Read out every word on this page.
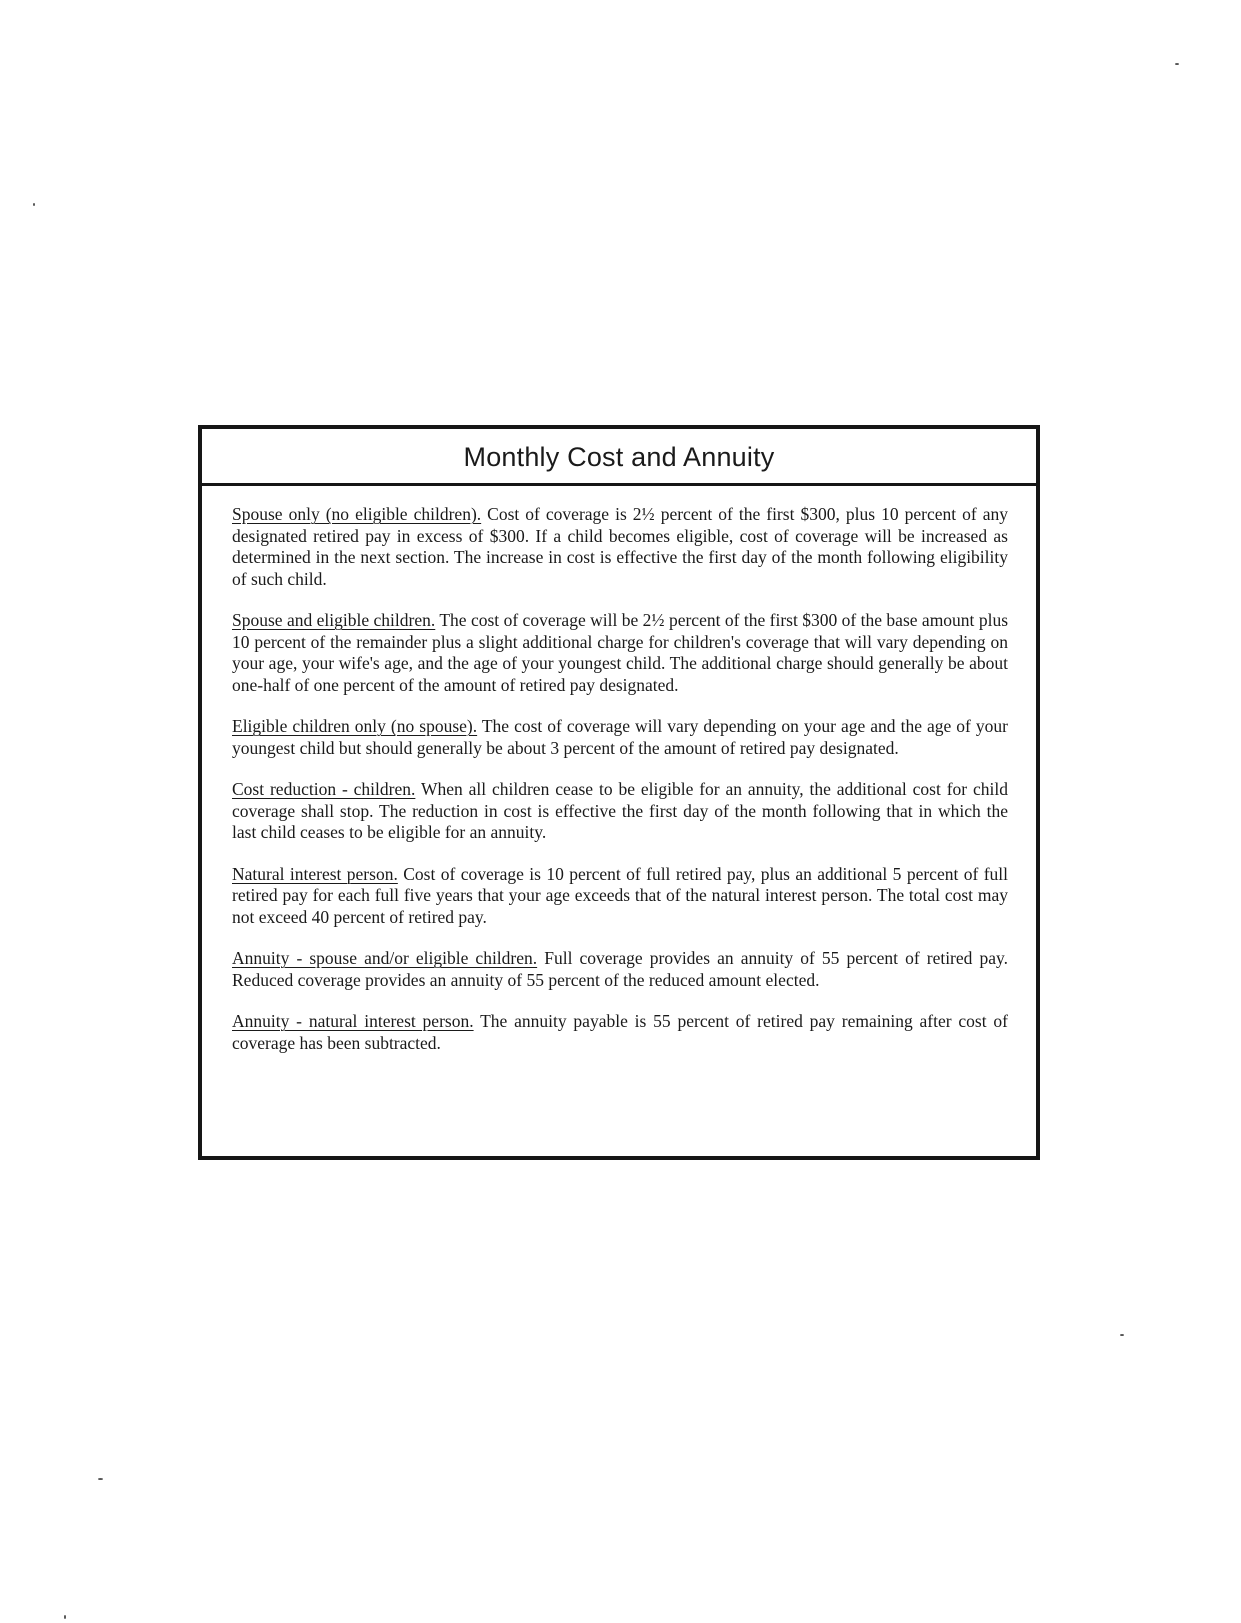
Monthly Cost and Annuity

Spouse only (no eligible children). Cost of coverage is 2½ percent of the first $300, plus 10 percent of any designated retired pay in excess of $300. If a child becomes eligible, cost of coverage will be increased as determined in the next section. The increase in cost is effective the first day of the month following eligibility of such child.

Spouse and eligible children. The cost of coverage will be 2½ percent of the first $300 of the base amount plus 10 percent of the remainder plus a slight additional charge for children's coverage that will vary depending on your age, your wife's age, and the age of your youngest child. The additional charge should generally be about one-half of one percent of the amount of retired pay designated.

Eligible children only (no spouse). The cost of coverage will vary depending on your age and the age of your youngest child but should generally be about 3 percent of the amount of retired pay designated.

Cost reduction - children. When all children cease to be eligible for an annuity, the additional cost for child coverage shall stop. The reduction in cost is effective the first day of the month following that in which the last child ceases to be eligible for an annuity.

Natural interest person. Cost of coverage is 10 percent of full retired pay, plus an additional 5 percent of full retired pay for each full five years that your age exceeds that of the natural interest person. The total cost may not exceed 40 percent of retired pay.

Annuity - spouse and/or eligible children. Full coverage provides an annuity of 55 percent of retired pay. Reduced coverage provides an annuity of 55 percent of the reduced amount elected.

Annuity - natural interest person. The annuity payable is 55 percent of retired pay remaining after cost of coverage has been subtracted.
